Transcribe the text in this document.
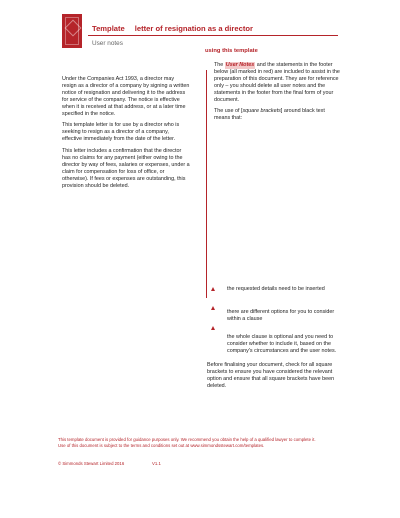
Template letter of resignation as a director
User notes

Under the Companies Act 1993, a director may resign as a director of a company by signing a written notice of resignation and delivering it to the address for service of the company. The notice is effective when it is received at that address, or at a later time specified in the notice.

This template letter is for use by a director who is seeking to resign as a director of a company, effective immediately from the date of the letter.

This letter includes a confirmation that the director has no claims for any payment (either owing to the director by way of fees, salaries or expenses, under a claim for compensation for loss of office, or otherwise). If fees or expenses are outstanding, this provision should be deleted.

using this template

The User Notes and the statements in the footer below (all marked in red) are included to assist in the preparation of this document. They are for reference only – you should delete all user notes and the statements in the footer from the final form of your document.

The use of [square brackets] around black text means that:

the requested details need to be inserted
there are different options for you to consider within a clause
the whole clause is optional and you need to consider whether to include it, based on the company's circumstances and the user notes.
Before finalising your document, check for all square brackets to ensure you have considered the relevant option and ensure that all square brackets have been deleted.
This template document is provided for guidance purposes only. We recommend you obtain the help of a qualified lawyer to complete it.
Use of this document is subject to the terms and conditions set out at www.simmondsstewart.com/templates.
© Simmonds Stewart Limited 2016	V1.1
